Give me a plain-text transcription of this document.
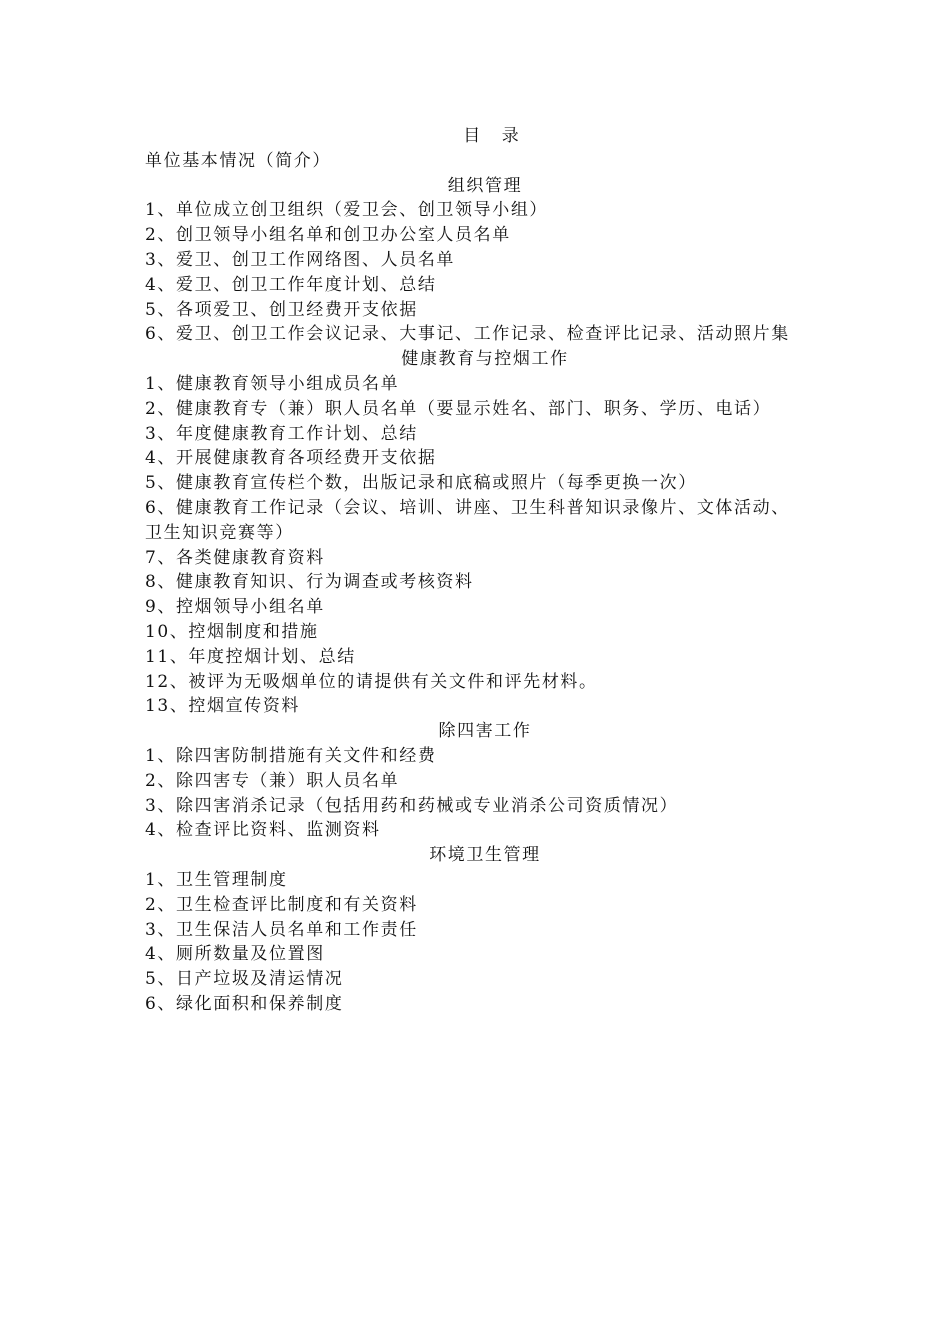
目 录
单位基本情况（简介）
组织管理
1、单位成立创卫组织（爱卫会、创卫领导小组）
2、创卫领导小组名单和创卫办公室人员名单
3、爱卫、创卫工作网络图、人员名单
4、爱卫、创卫工作年度计划、总结
5、各项爱卫、创卫经费开支依据
6、爱卫、创卫工作会议记录、大事记、工作记录、检查评比记录、活动照片集
健康教育与控烟工作
1、健康教育领导小组成员名单
2、健康教育专（兼）职人员名单（要显示姓名、部门、职务、学历、电话）
3、年度健康教育工作计划、总结
4、开展健康教育各项经费开支依据
5、健康教育宣传栏个数，出版记录和底稿或照片（每季更换一次）
6、健康教育工作记录（会议、培训、讲座、卫生科普知识录像片、文体活动、
卫生知识竞赛等）
7、各类健康教育资料
8、健康教育知识、行为调查或考核资料
9、控烟领导小组名单
10、控烟制度和措施
11、年度控烟计划、总结
12、被评为无吸烟单位的请提供有关文件和评先材料。
13、控烟宣传资料
除四害工作
1、除四害防制措施有关文件和经费
2、除四害专（兼）职人员名单
3、除四害消杀记录（包括用药和药械或专业消杀公司资质情况）
4、检查评比资料、监测资料
环境卫生管理
1、卫生管理制度
2、卫生检查评比制度和有关资料
3、卫生保洁人员名单和工作责任
4、厕所数量及位置图
5、日产垃圾及清运情况
6、绿化面积和保养制度
